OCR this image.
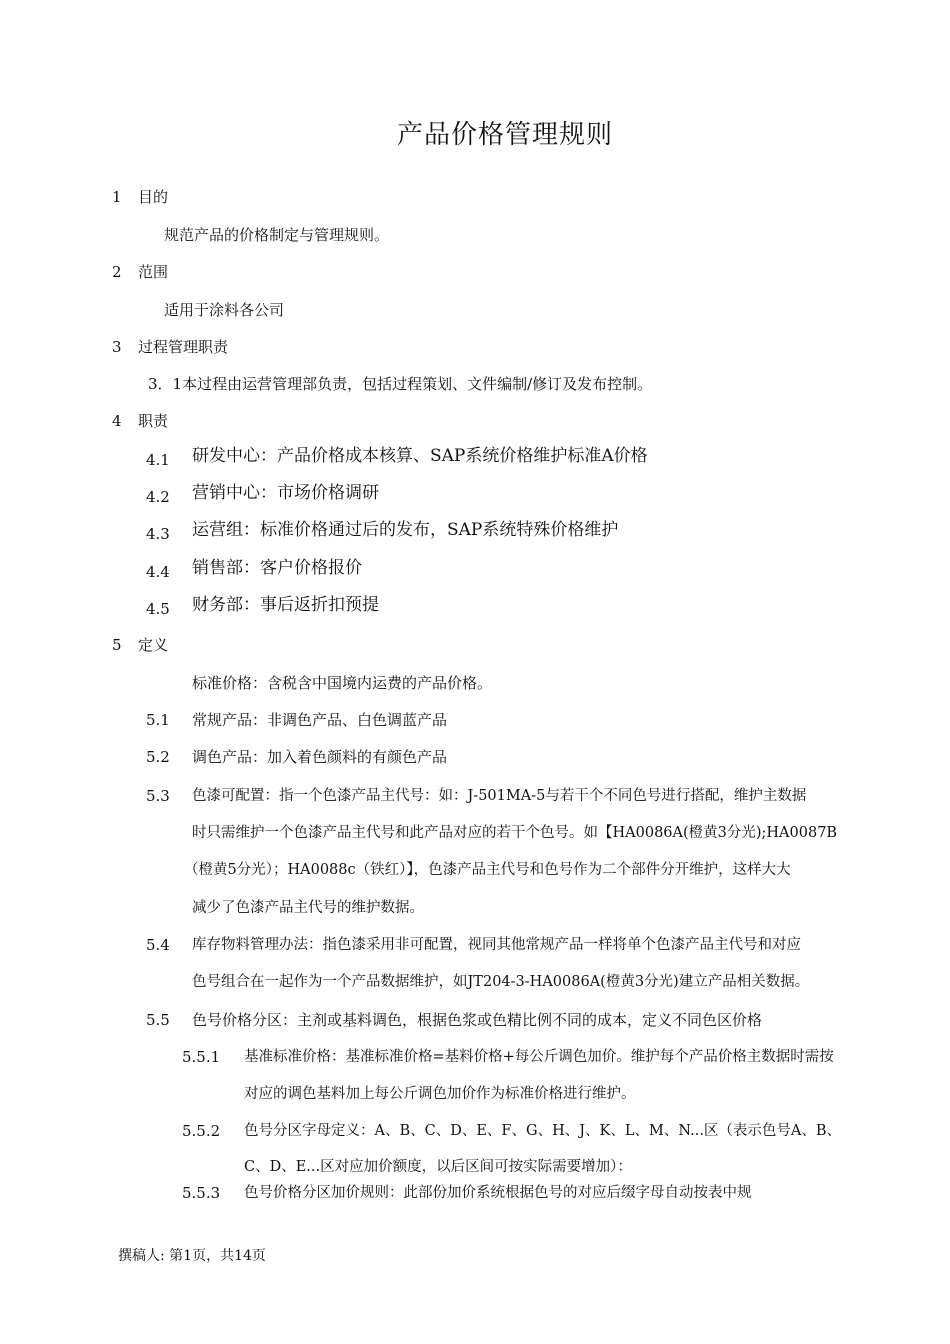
产品价格管理规则
1 目的
规范产品的价格制定与管理规则。
2 范围
适用于涂料各公司
3 过程管理职责
3．1本过程由运营管理部负责，包括过程策划、文件编制/修订及发布控制。
4 职责
4.1 研发中心：产品价格成本核算、SAP系统价格维护标准A价格
4.2 营销中心：市场价格调研
4.3 运营组：标准价格通过后的发布，SAP系统特殊价格维护
4.4 销售部：客户价格报价
4.5 财务部：事后返折扣预提
5 定义
标准价格：含税含中国境内运费的产品价格。
5.1 常规产品：非调色产品、白色调蓝产品
5.2 调色产品：加入着色颜料的有颜色产品
5.3 色漆可配置：指一个色漆产品主代号：如：J-501MA-5与若干个不同色号进行搭配，维护主数据
时只需维护一个色漆产品主代号和此产品对应的若干个色号。如【HA0086A(橙黄3分光);HA0087B
（橙黄5分光）；HA0088c（铁红）】，色漆产品主代号和色号作为二个部件分开维护，这样大大
减少了色漆产品主代号的维护数据。
5.4 库存物料管理办法：指色漆采用非可配置，视同其他常规产品一样将单个色漆产品主代号和对应
色号组合在一起作为一个产品数据维护，如JT204-3-HA0086A(橙黄3分光)建立产品相关数据。
5.5 色号价格分区：主剂或基料调色，根据色浆或色精比例不同的成本，定义不同色区价格
5.5.1 基准标准价格：基准标准价格=基料价格+每公斤调色加价。维护每个产品价格主数据时需按
对应的调色基料加上每公斤调色加价作为标准价格进行维护。
5.5.2 色号分区字母定义：A、B、C、D、E、F、G、H、J、K、L、M、N...区（表示色号A、B、
C、D、E...区对应加价额度，以后区间可按实际需要增加）：
5.5.3 色号价格分区加价规则：此部份加价系统根据色号的对应后缀字母自动按表中规
撰稿人: 第1页，共14页
